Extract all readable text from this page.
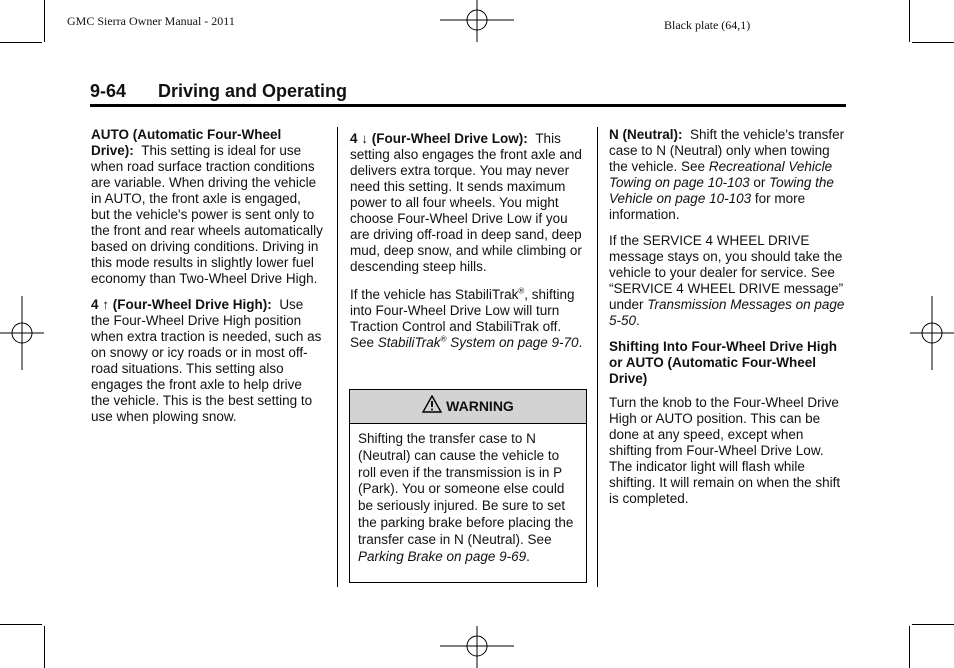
GMC Sierra Owner Manual - 2011	Black plate (64,1)
9-64 Driving and Operating

AUTO (Automatic Four-Wheel Drive): This setting is ideal for use when road surface traction conditions are variable. When driving the vehicle in AUTO, the front axle is engaged, but the vehicle's power is sent only to the front and rear wheels automatically based on driving conditions. Driving in this mode results in slightly lower fuel economy than Two-Wheel Drive High.

4 ↑ (Four-Wheel Drive High): Use the Four-Wheel Drive High position when extra traction is needed, such as on snowy or icy roads or in most off-road situations. This setting also engages the front axle to help drive the vehicle. This is the best setting to use when plowing snow.

4 ↓ (Four-Wheel Drive Low): This setting also engages the front axle and delivers extra torque. You may never need this setting. It sends maximum power to all four wheels. You might choose Four-Wheel Drive Low if you are driving off-road in deep sand, deep mud, deep snow, and while climbing or descending steep hills.

If the vehicle has StabiliTrak®, shifting into Four-Wheel Drive Low will turn Traction Control and StabiliTrak off. See StabiliTrak® System on page 9-70.

WARNING
Shifting the transfer case to N (Neutral) can cause the vehicle to roll even if the transmission is in P (Park). You or someone else could be seriously injured. Be sure to set the parking brake before placing the transfer case in N (Neutral). See Parking Brake on page 9-69.

N (Neutral): Shift the vehicle's transfer case to N (Neutral) only when towing the vehicle. See Recreational Vehicle Towing on page 10-103 or Towing the Vehicle on page 10-103 for more information.

If the SERVICE 4 WHEEL DRIVE message stays on, you should take the vehicle to your dealer for service. See “SERVICE 4 WHEEL DRIVE message” under Transmission Messages on page 5-50.

Shifting Into Four-Wheel Drive High or AUTO (Automatic Four-Wheel Drive)

Turn the knob to the Four-Wheel Drive High or AUTO position. This can be done at any speed, except when shifting from Four-Wheel Drive Low. The indicator light will flash while shifting. It will remain on when the shift is completed.
